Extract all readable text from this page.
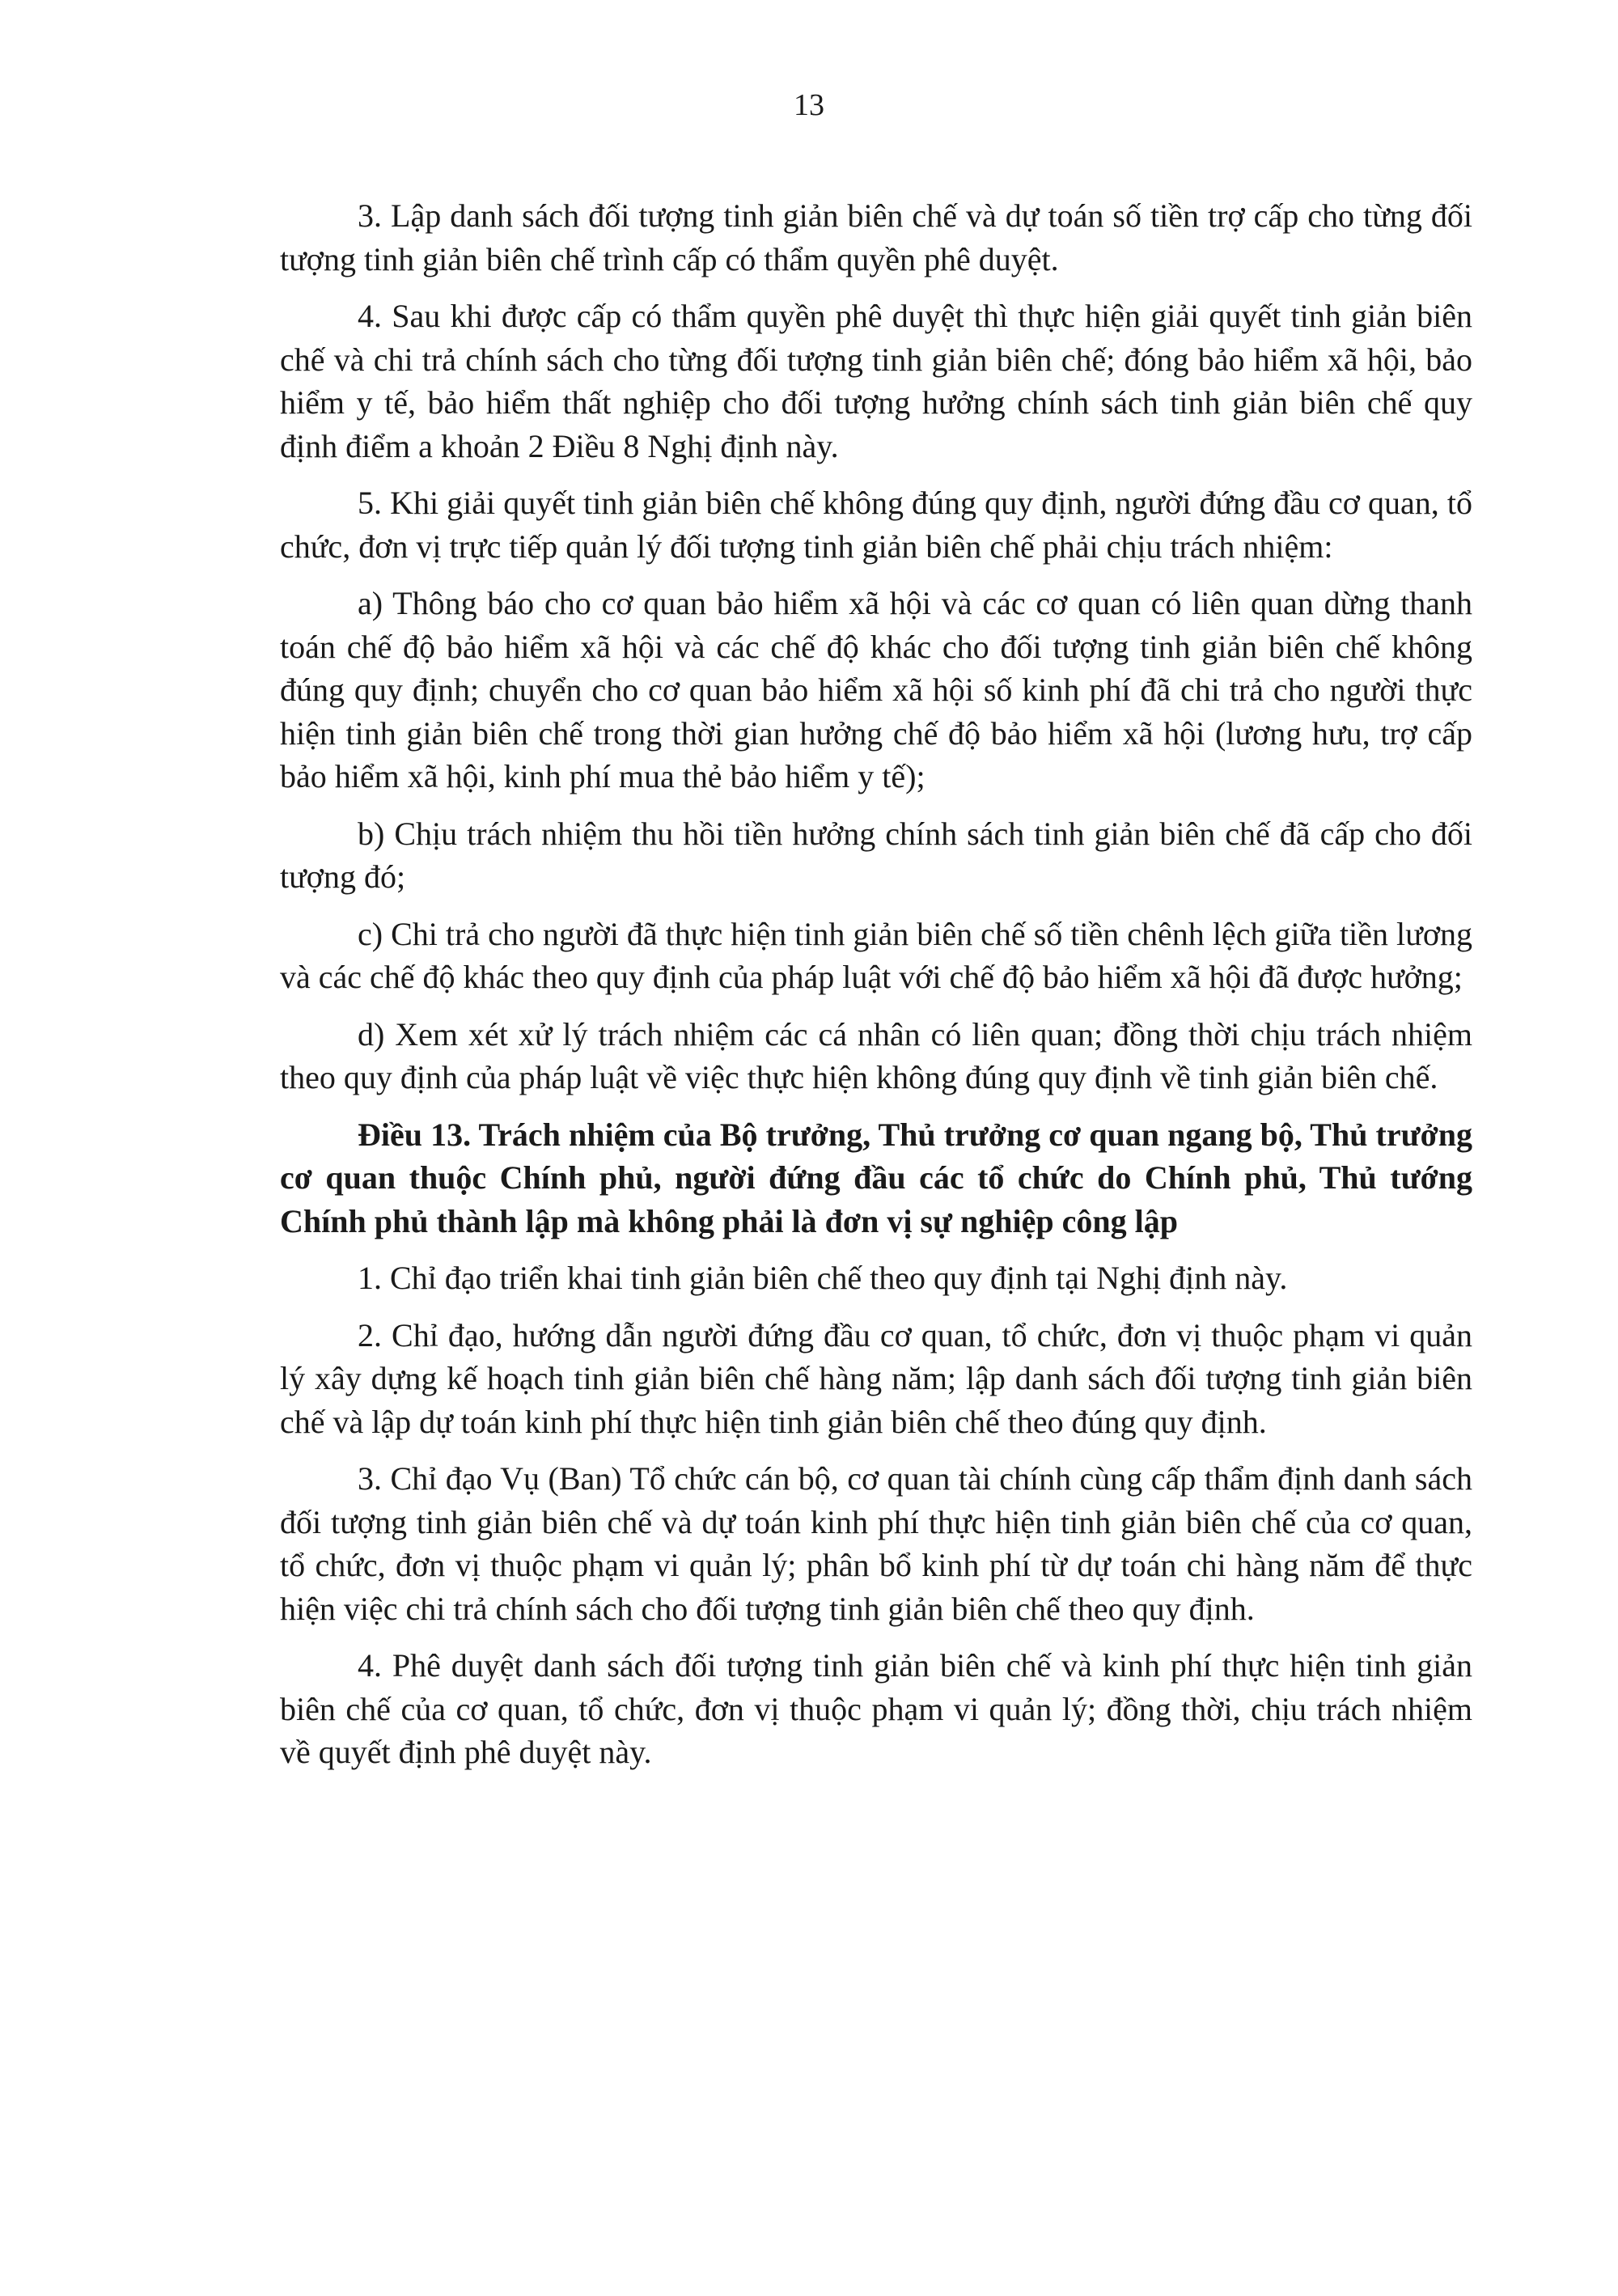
13

3. Lập danh sách đối tượng tinh giản biên chế và dự toán số tiền trợ cấp cho từng đối tượng tinh giản biên chế trình cấp có thẩm quyền phê duyệt.

4. Sau khi được cấp có thẩm quyền phê duyệt thì thực hiện giải quyết tinh giản biên chế và chi trả chính sách cho từng đối tượng tinh giản biên chế; đóng bảo hiểm xã hội, bảo hiểm y tế, bảo hiểm thất nghiệp cho đối tượng hưởng chính sách tinh giản biên chế quy định điểm a khoản 2 Điều 8 Nghị định này.

5. Khi giải quyết tinh giản biên chế không đúng quy định, người đứng đầu cơ quan, tổ chức, đơn vị trực tiếp quản lý đối tượng tinh giản biên chế phải chịu trách nhiệm:

a) Thông báo cho cơ quan bảo hiểm xã hội và các cơ quan có liên quan dừng thanh toán chế độ bảo hiểm xã hội và các chế độ khác cho đối tượng tinh giản biên chế không đúng quy định; chuyển cho cơ quan bảo hiểm xã hội số kinh phí đã chi trả cho người thực hiện tinh giản biên chế trong thời gian hưởng chế độ bảo hiểm xã hội (lương hưu, trợ cấp bảo hiểm xã hội, kinh phí mua thẻ bảo hiểm y tế);

b) Chịu trách nhiệm thu hồi tiền hưởng chính sách tinh giản biên chế đã cấp cho đối tượng đó;

c) Chi trả cho người đã thực hiện tinh giản biên chế số tiền chênh lệch giữa tiền lương và các chế độ khác theo quy định của pháp luật với chế độ bảo hiểm xã hội đã được hưởng;

d) Xem xét xử lý trách nhiệm các cá nhân có liên quan; đồng thời chịu trách nhiệm theo quy định của pháp luật về việc thực hiện không đúng quy định về tinh giản biên chế.

Điều 13. Trách nhiệm của Bộ trưởng, Thủ trưởng cơ quan ngang bộ, Thủ trưởng cơ quan thuộc Chính phủ, người đứng đầu các tổ chức do Chính phủ, Thủ tướng Chính phủ thành lập mà không phải là đơn vị sự nghiệp công lập

1. Chỉ đạo triển khai tinh giản biên chế theo quy định tại Nghị định này.

2. Chỉ đạo, hướng dẫn người đứng đầu cơ quan, tổ chức, đơn vị thuộc phạm vi quản lý xây dựng kế hoạch tinh giản biên chế hàng năm; lập danh sách đối tượng tinh giản biên chế và lập dự toán kinh phí thực hiện tinh giản biên chế theo đúng quy định.

3. Chỉ đạo Vụ (Ban) Tổ chức cán bộ, cơ quan tài chính cùng cấp thẩm định danh sách đối tượng tinh giản biên chế và dự toán kinh phí thực hiện tinh giản biên chế của cơ quan, tổ chức, đơn vị thuộc phạm vi quản lý; phân bổ kinh phí từ dự toán chi hàng năm để thực hiện việc chi trả chính sách cho đối tượng tinh giản biên chế theo quy định.

4. Phê duyệt danh sách đối tượng tinh giản biên chế và kinh phí thực hiện tinh giản biên chế của cơ quan, tổ chức, đơn vị thuộc phạm vi quản lý; đồng thời, chịu trách nhiệm về quyết định phê duyệt này.
